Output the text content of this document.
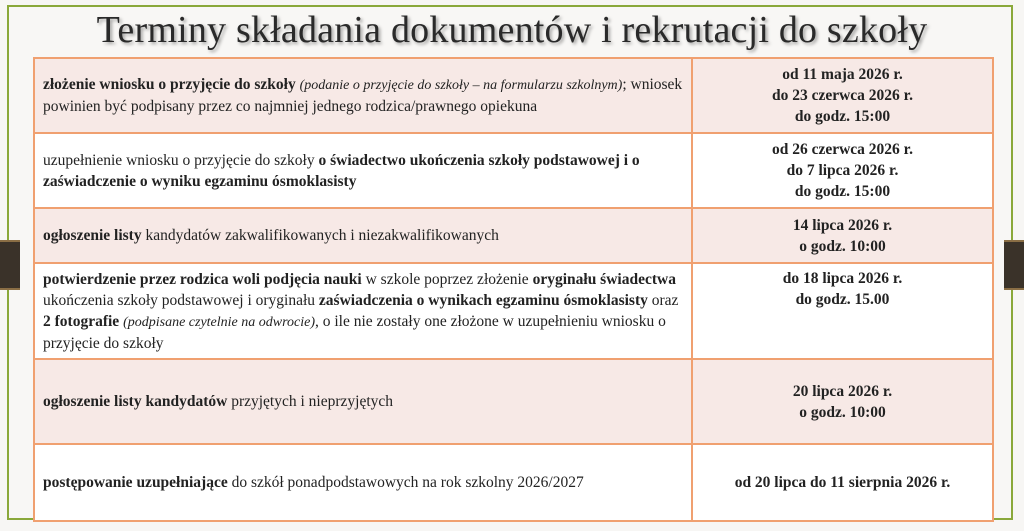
Terminy składania dokumentów i rekrutacji do szkoły
złożenie wniosku o przyjęcie do szkoły (podanie o przyjęcie do szkoły – na formularzu szkolnym); wniosek powinien być podpisany przez co najmniej jednego rodzica/prawnego opiekuna	od 11 maja 2026 r.
do 23 czerwca 2026 r.
do godz. 15:00

uzupełnienie wniosku o przyjęcie do szkoły o świadectwo ukończenia szkoły podstawowej i o zaświadczenie o wyniku egzaminu ósmoklasisty	od 26 czerwca 2026 r.
do 7 lipca 2026 r.
do godz. 15:00

ogłoszenie listy kandydatów zakwalifikowanych i niezakwalifikowanych	14 lipca 2026 r.
o godz. 10:00

potwierdzenie przez rodzica woli podjęcia nauki w szkole poprzez złożenie oryginału świadectwa ukończenia szkoły podstawowej i oryginału zaświadczenia o wynikach egzaminu ósmoklasisty oraz 2 fotografie (podpisane czytelnie na odwrocie), o ile nie zostały one złożone w uzupełnieniu wniosku o przyjęcie do szkoły	do 18 lipca 2026 r.
do godz. 15.00

ogłoszenie listy kandydatów przyjętych i nieprzyjętych	20 lipca 2026 r.
o godz. 10:00

postępowanie uzupełniające do szkół ponadpodstawowych na rok szkolny 2026/2027	od 20 lipca do 11 sierpnia 2026 r.
